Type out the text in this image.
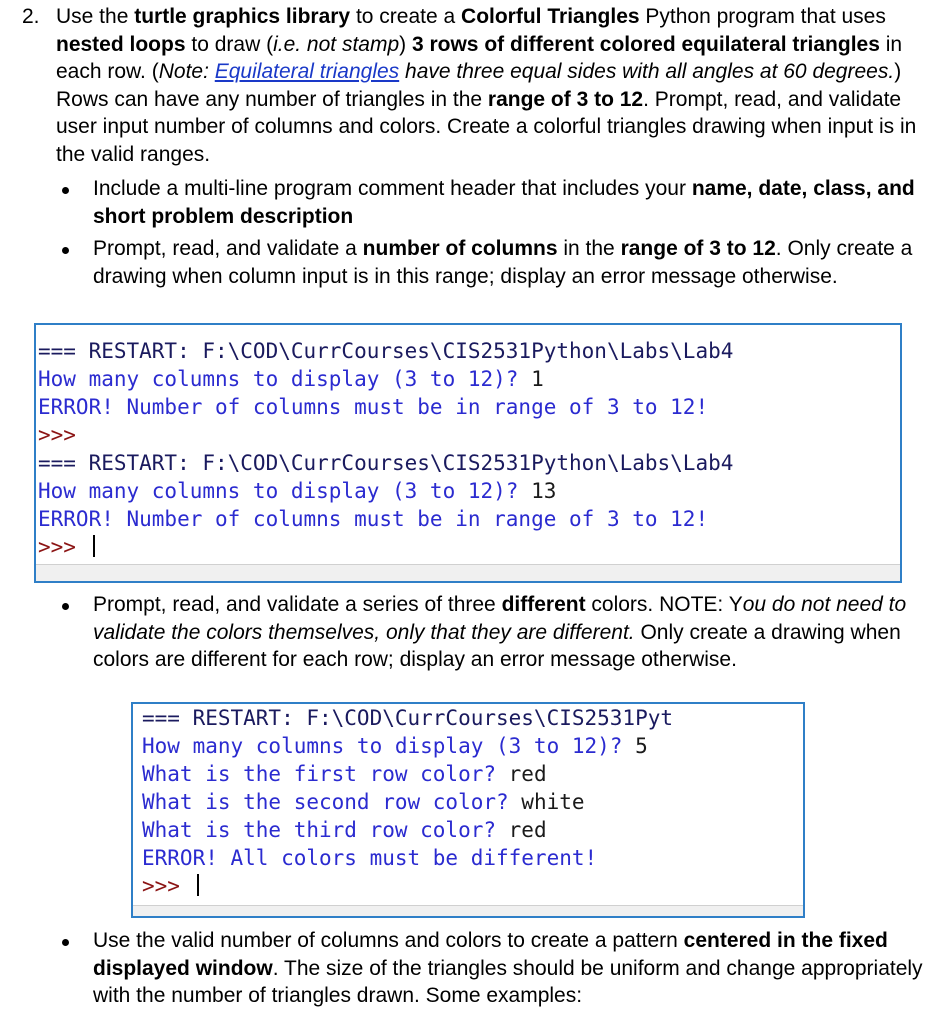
2. Use the turtle graphics library to create a Colorful Triangles Python program that uses nested loops to draw (i.e. not stamp) 3 rows of different colored equilateral triangles in each row. (Note: Equilateral triangles have three equal sides with all angles at 60 degrees.) Rows can have any number of triangles in the range of 3 to 12. Prompt, read, and validate user input number of columns and colors. Create a colorful triangles drawing when input is in the valid ranges.
Include a multi-line program comment header that includes your name, date, class, and short problem description
Prompt, read, and validate a number of columns in the range of 3 to 12. Only create a drawing when column input is in this range; display an error message otherwise.
=== RESTART: F:\COD\CurrCourses\CIS2531Python\Labs\Lab4
How many columns to display (3 to 12)? 1
ERROR! Number of columns must be in range of 3 to 12!
>>>
=== RESTART: F:\COD\CurrCourses\CIS2531Python\Labs\Lab4
How many columns to display (3 to 12)? 13
ERROR! Number of columns must be in range of 3 to 12!
>>>
Prompt, read, and validate a series of three different colors. NOTE: You do not need to validate the colors themselves, only that they are different. Only create a drawing when colors are different for each row; display an error message otherwise.
=== RESTART: F:\COD\CurrCourses\CIS2531Pyt
How many columns to display (3 to 12)? 5
What is the first row color? red
What is the second row color? white
What is the third row color? red
ERROR! All colors must be different!
>>>
Use the valid number of columns and colors to create a pattern centered in the fixed displayed window. The size of the triangles should be uniform and change appropriately with the number of triangles drawn. Some examples:
